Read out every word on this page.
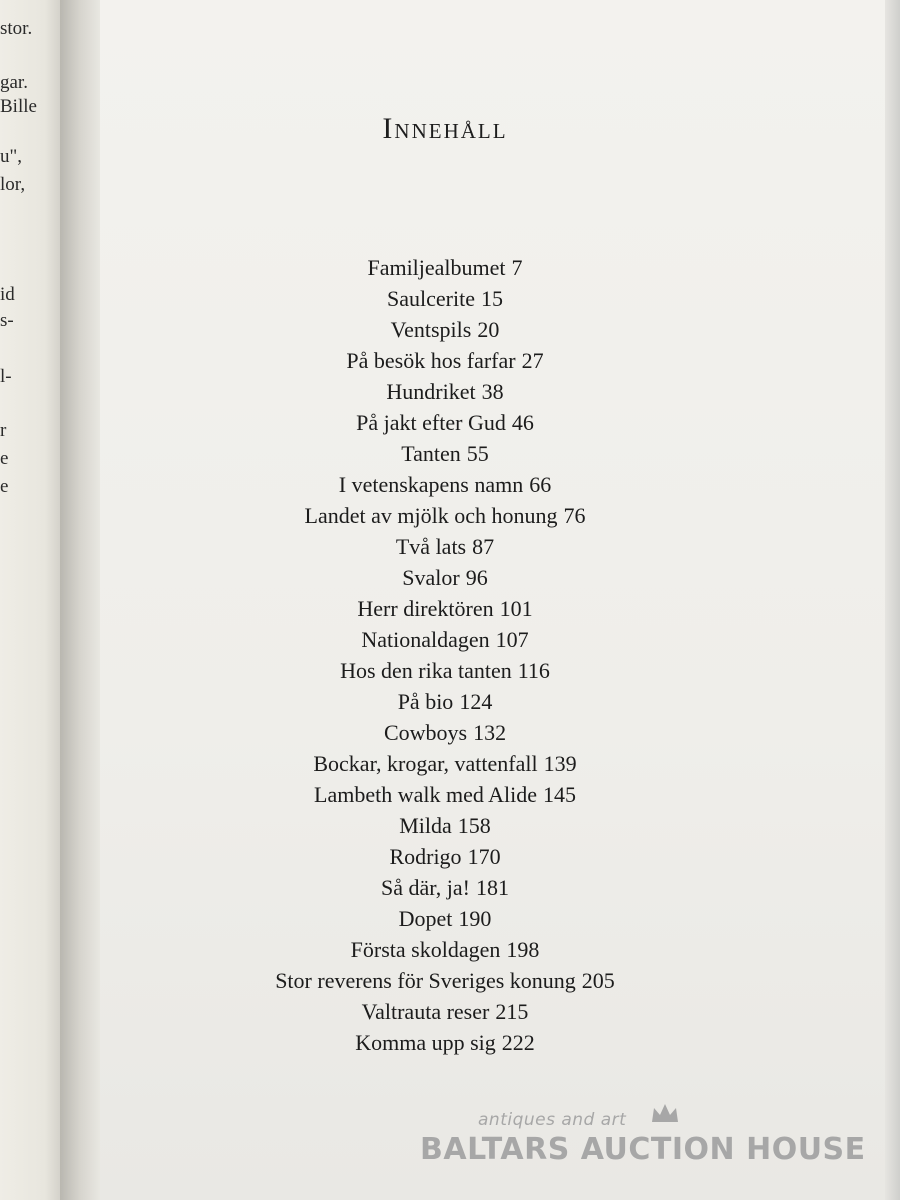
stor.
gar.
Bille
u",
lor,
id
s-
l-
r
e
e
Innehåll
Familjealbumet 7
Saulcerite 15
Ventspils 20
På besök hos farfar 27
Hundriket 38
På jakt efter Gud 46
Tanten 55
I vetenskapens namn 66
Landet av mjölk och honung 76
Två lats 87
Svalor 96
Herr direktören 101
Nationaldagen 107
Hos den rika tanten 116
På bio 124
Cowboys 132
Bockar, krogar, vattenfall 139
Lambeth walk med Alide 145
Milda 158
Rodrigo 170
Så där, ja! 181
Dopet 190
Första skoldagen 198
Stor reverens för Sveriges konung 205
Valtrauta reser 215
Komma upp sig 222
antiques and art
BALTARS AUCTION HOUSE
